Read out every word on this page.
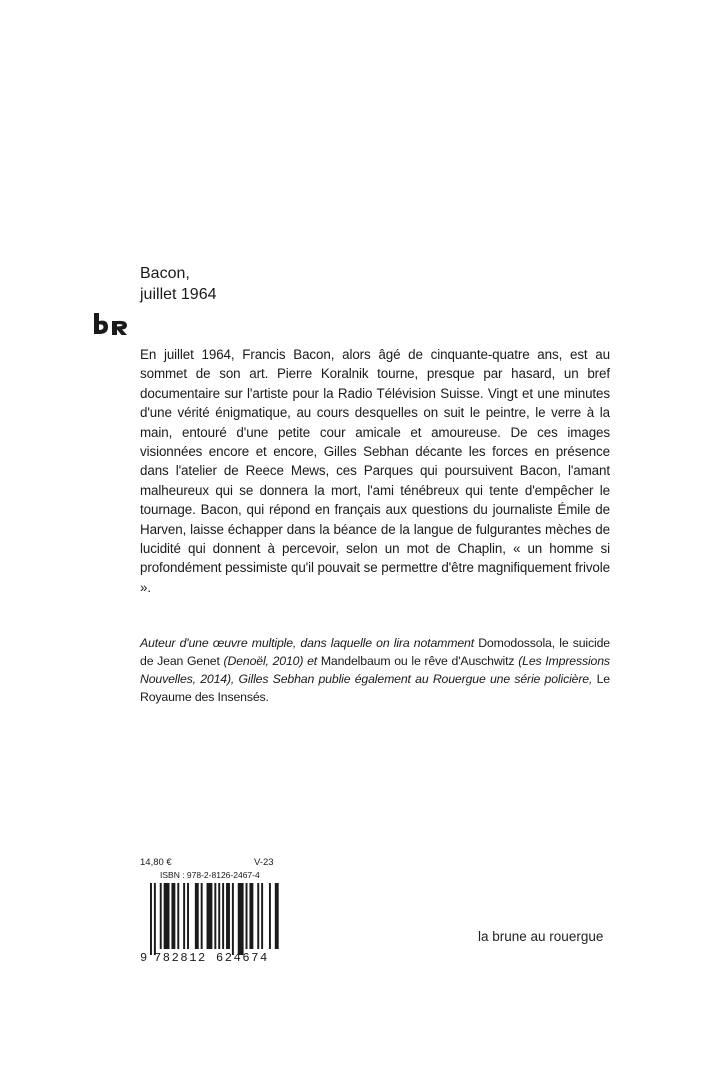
Bacon,
juillet 1964

En juillet 1964, Francis Bacon, alors âgé de cinquante-quatre ans, est au sommet de son art. Pierre Koralnik tourne, presque par hasard, un bref documentaire sur l'artiste pour la Radio Télévision Suisse. Vingt et une minutes d'une vérité énigmatique, au cours desquelles on suit le peintre, le verre à la main, entouré d'une petite cour amicale et amoureuse. De ces images visionnées encore et encore, Gilles Sebhan décante les forces en présence dans l'atelier de Reece Mews, ces Parques qui poursuivent Bacon, l'amant malheureux qui se donnera la mort, l'ami ténébreux qui tente d'empêcher le tournage. Bacon, qui répond en français aux questions du journaliste Émile de Harven, laisse échapper dans la béance de la langue de fulgurantes mèches de lucidité qui donnent à percevoir, selon un mot de Chaplin, « un homme si profondément pessimiste qu'il pouvait se permettre d'être magnifiquement frivole ».

Auteur d'une œuvre multiple, dans laquelle on lira notamment Domodossola, le suicide de Jean Genet (Denoël, 2010) et Mandelbaum ou le rêve d'Auschwitz (Les Impressions Nouvelles, 2014), Gilles Sebhan publie également au Rouergue une série policière, Le Royaume des Insensés.
14,80 €	V-23
ISBN : 978-2-8126-2467-4
9 782812 624674
la brune au rouergue
